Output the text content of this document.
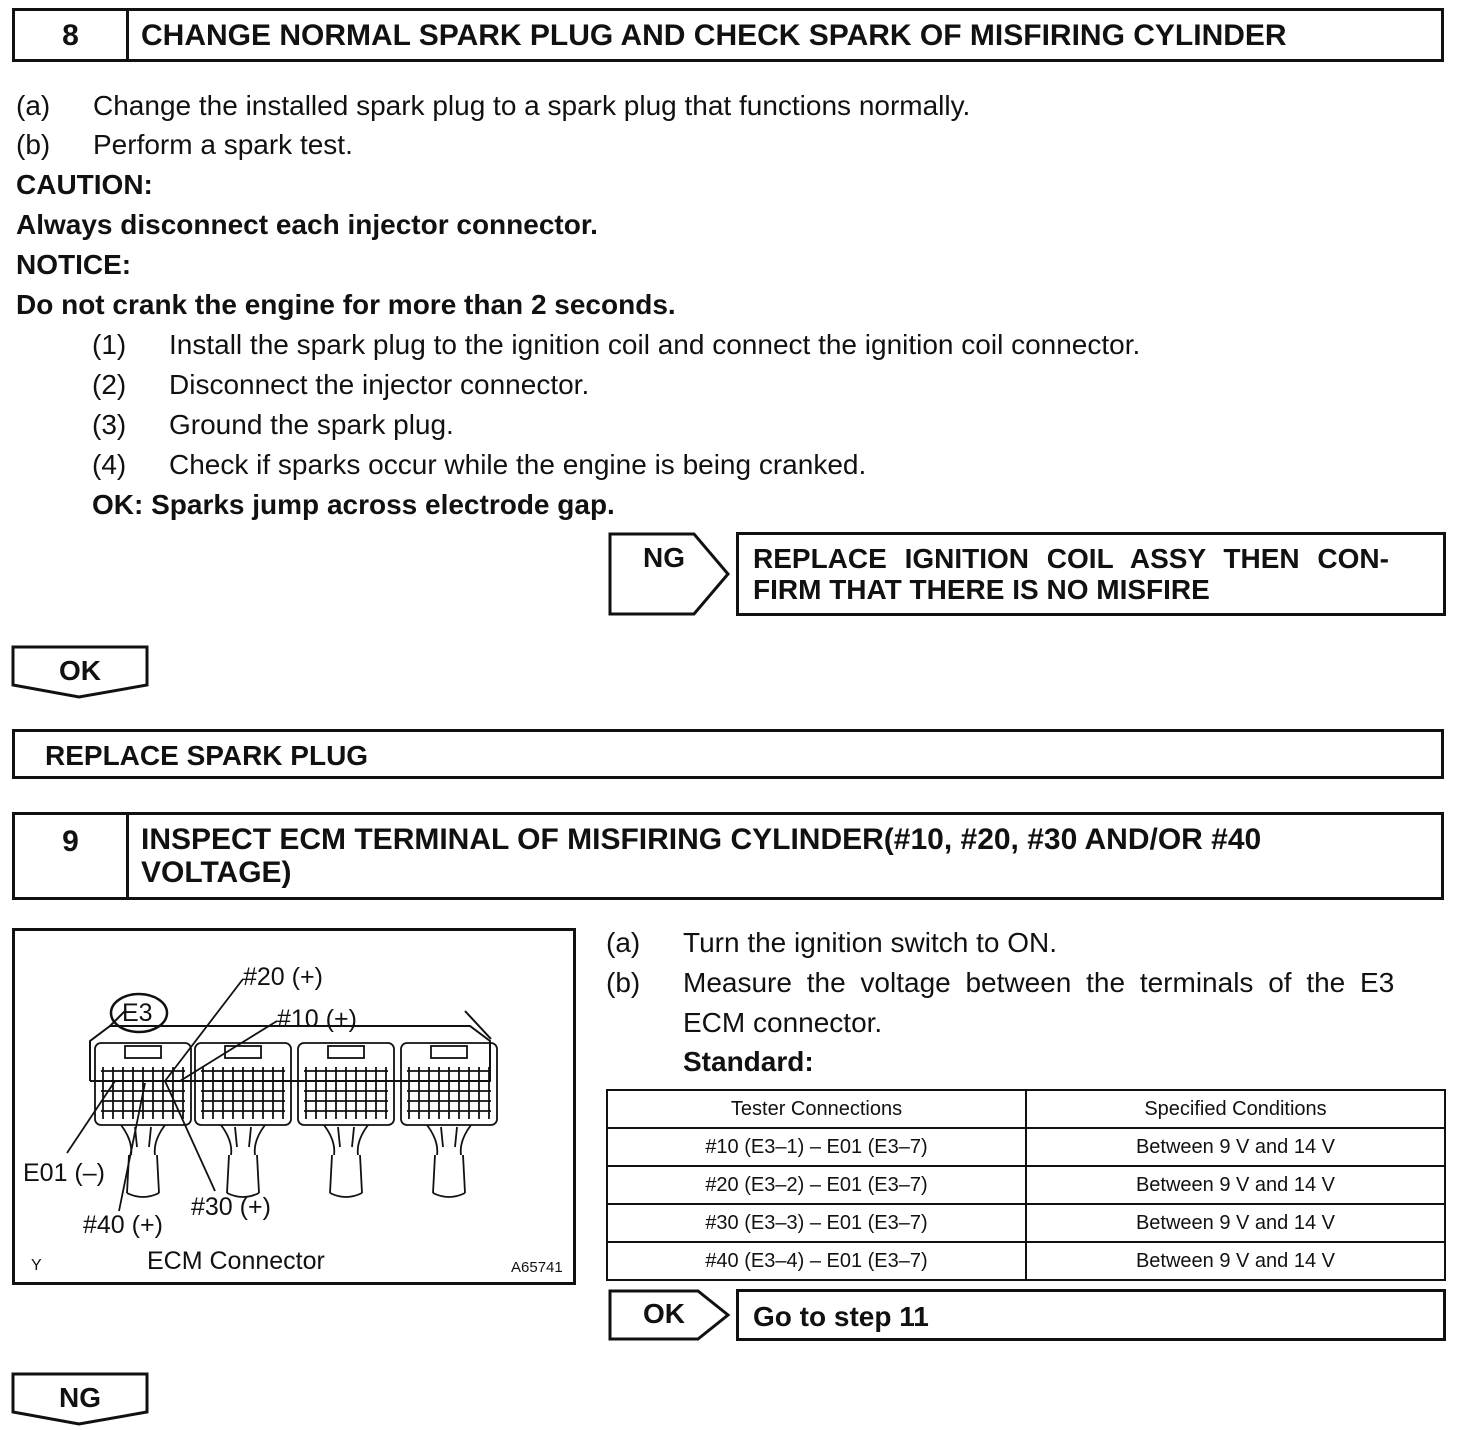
8	CHANGE NORMAL SPARK PLUG AND CHECK SPARK OF MISFIRING CYLINDER
(a) Change the installed spark plug to a spark plug that functions normally.
(b) Perform a spark test.
CAUTION:
Always disconnect each injector connector.
NOTICE:
Do not crank the engine for more than 2 seconds.
(1) Install the spark plug to the ignition coil and connect the ignition coil connector.
(2) Disconnect the injector connector.
(3) Ground the spark plug.
(4) Check if sparks occur while the engine is being cranked.
OK: Sparks jump across electrode gap.
NG	REPLACE IGNITION COIL ASSY THEN CON-
FIRM THAT THERE IS NO MISFIRE
OK
REPLACE SPARK PLUG
9	INSPECT ECM TERMINAL OF MISFIRING CYLINDER(#10, #20, #30 AND/OR #40
VOLTAGE)
E3
#20 (+)
#10 (+)
E01 (–)
#40 (+)
#30 (+)
ECM Connector
Y	A65741
(a) Turn the ignition switch to ON.
(b) Measure the voltage between the terminals of the E3
ECM connector.
Standard:
Tester Connections	Specified Conditions
#10 (E3–1) – E01 (E3–7)	Between 9 V and 14 V
#20 (E3–2) – E01 (E3–7)	Between 9 V and 14 V
#30 (E3–3) – E01 (E3–7)	Between 9 V and 14 V
#40 (E3–4) – E01 (E3–7)	Between 9 V and 14 V
OK	Go to step 11
NG
